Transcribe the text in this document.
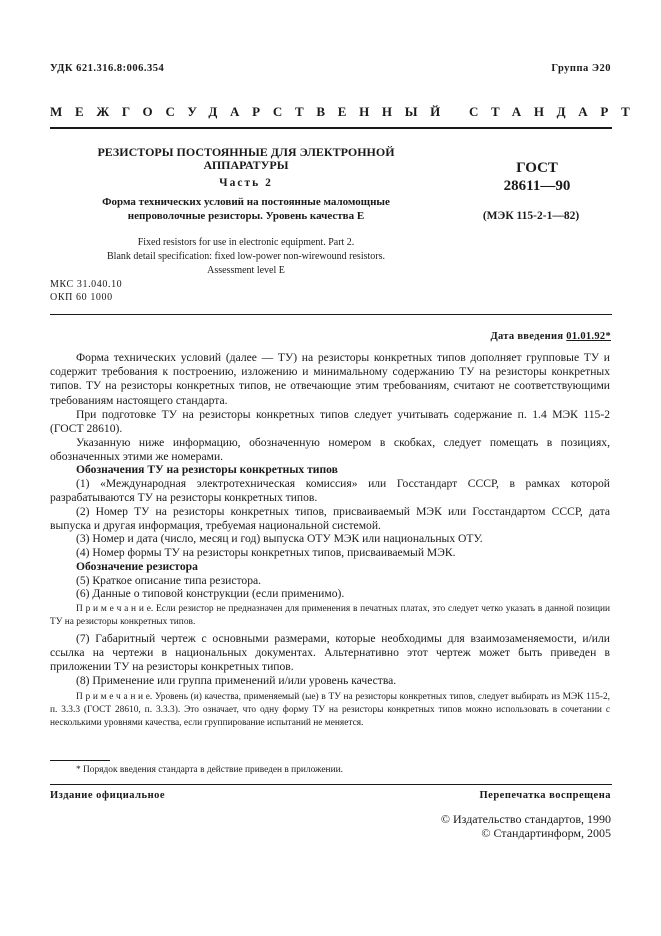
УДК 621.316.8:006.354	Группа Э20
МЕЖГОСУДАРСТВЕННЫЙ СТАНДАРТ
РЕЗИСТОРЫ ПОСТОЯННЫЕ ДЛЯ ЭЛЕКТРОННОЙ
АППАРАТУРЫ
Часть 2
Форма технических условий на постоянные маломощные
непроволочные резисторы. Уровень качества E
Fixed resistors for use in electronic equipment. Part 2.
Blank detail specification: fixed low-power non-wirewound resistors.
Assessment level E
ГОСТ
28611—90
(МЭК 115-2-1—82)
МКС 31.040.10
ОКП 60 1000
Дата введения 01.01.92*
Форма технических условий (далее — ТУ) на резисторы конкретных типов дополняет групповые ТУ и содержит требования к построению, изложению и минимальному содержанию ТУ на резисторы конкретных типов. ТУ на резисторы конкретных типов, не отвечающие этим требованиям, считают не соответствующими требованиям настоящего стандарта.
При подготовке ТУ на резисторы конкретных типов следует учитывать содержание п. 1.4 МЭК 115-2 (ГОСТ 28610).
Указанную ниже информацию, обозначенную номером в скобках, следует помещать в позициях, обозначенных этими же номерами.
Обозначения ТУ на резисторы конкретных типов
(1) «Международная электротехническая комиссия» или Госстандарт СССР, в рамках которой разрабатываются ТУ на резисторы конкретных типов.
(2) Номер ТУ на резисторы конкретных типов, присваиваемый МЭК или Госстандартом СССР, дата выпуска и другая информация, требуемая национальной системой.
(3) Номер и дата (число, месяц и год) выпуска ОТУ МЭК или национальных ОТУ.
(4) Номер формы ТУ на резисторы конкретных типов, присваиваемый МЭК.
Обозначение резистора
(5) Краткое описание типа резистора.
(6) Данные о типовой конструкции (если применимо).
П р и м е ч а н и е. Если резистор не предназначен для применения в печатных платах, это следует четко указать в данной позиции ТУ на резисторы конкретных типов.
(7) Габаритный чертеж с основными размерами, которые необходимы для взаимозаменяемости, и/или ссылка на чертежи в национальных документах. Альтернативно этот чертеж может быть приведен в приложении ТУ на резисторы конкретных типов.
(8) Применение или группа применений и/или уровень качества.
П р и м е ч а н и е. Уровень (и) качества, применяемый (ые) в ТУ на резисторы конкретных типов, следует выбирать из МЭК 115-2, п. 3.3.3 (ГОСТ 28610, п. 3.3.3). Это означает, что одну форму ТУ на резисторы конкретных типов можно использовать в сочетании с несколькими уровнями качества, если группирование испытаний не меняется.
* Порядок введения стандарта в действие приведен в приложении.
Издание официальное	Перепечатка воспрещена
© Издательство стандартов, 1990
© Стандартинформ, 2005
